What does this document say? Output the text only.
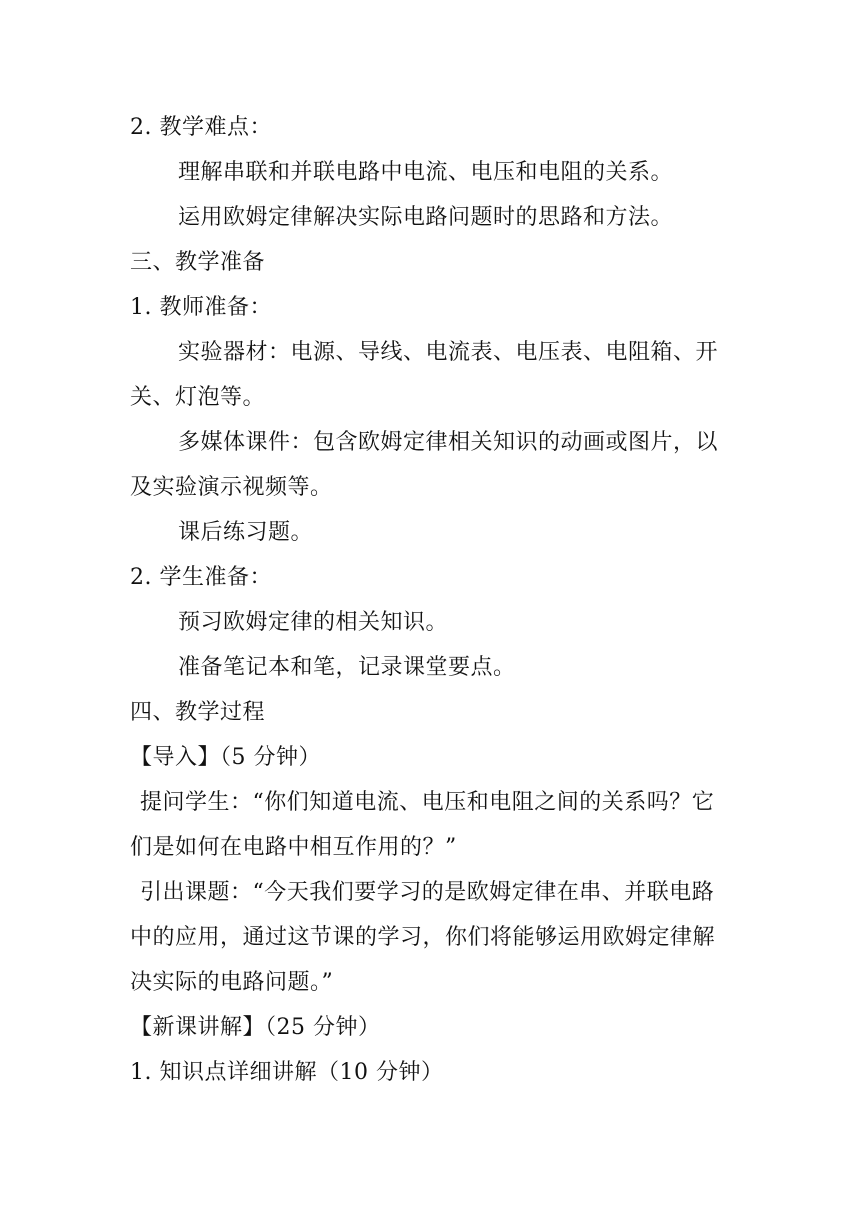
2. 教学难点：
理解串联和并联电路中电流、电压和电阻的关系。
运用欧姆定律解决实际电路问题时的思路和方法。
三、教学准备
1. 教师准备：
实验器材：电源、导线、电流表、电压表、电阻箱、开
关、灯泡等。
多媒体课件：包含欧姆定律相关知识的动画或图片，以
及实验演示视频等。
课后练习题。
2. 学生准备：
预习欧姆定律的相关知识。
准备笔记本和笔，记录课堂要点。
四、教学过程
【导入】（5 分钟）
提问学生：“你们知道电流、电压和电阻之间的关系吗？它
们是如何在电路中相互作用的？”
引出课题：“今天我们要学习的是欧姆定律在串、并联电路
中的应用，通过这节课的学习，你们将能够运用欧姆定律解
决实际的电路问题。”
【新课讲解】（25 分钟）
1. 知识点详细讲解（10 分钟）
